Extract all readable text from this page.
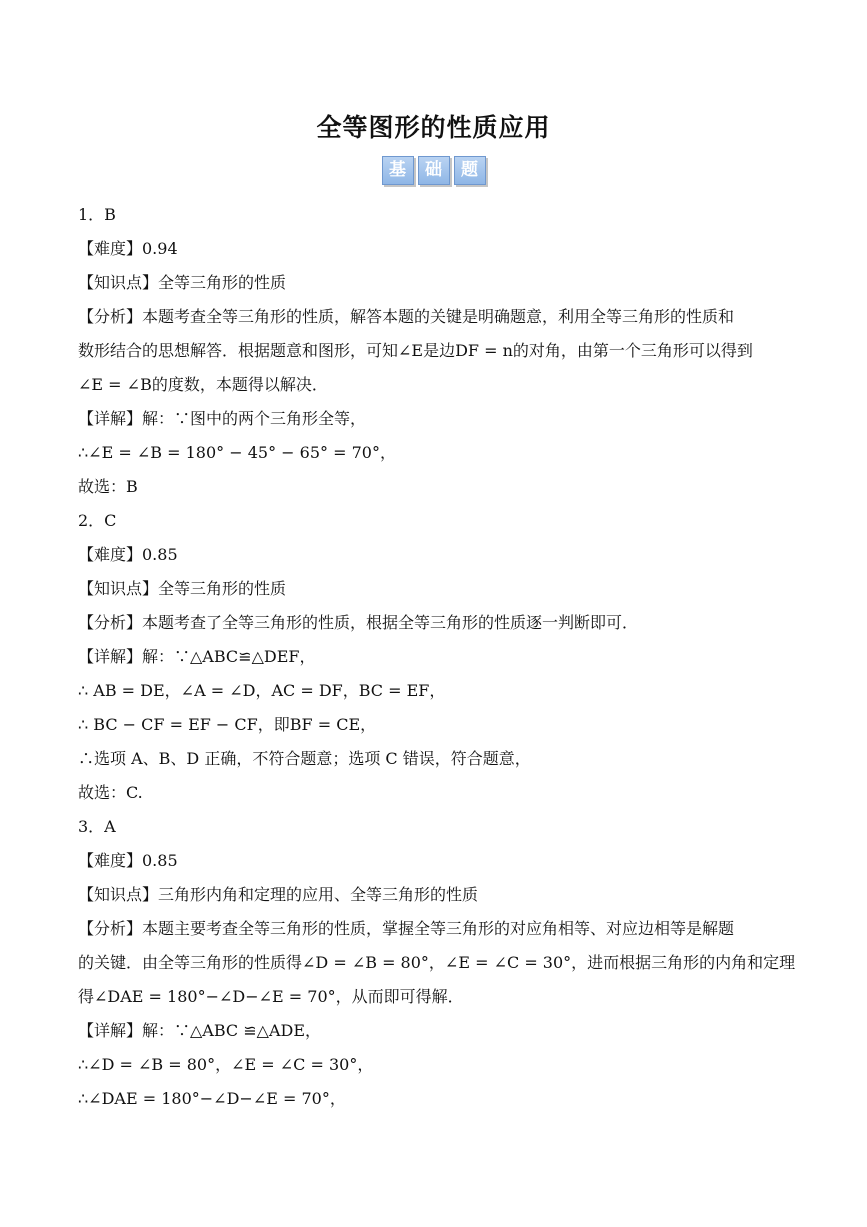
全等图形的性质应用
基	础	题
1．B
【难度】0.94
【知识点】全等三角形的性质
【分析】本题考查全等三角形的性质，解答本题的关键是明确题意，利用全等三角形的性质和
数形结合的思想解答．根据题意和图形，可知∠E是边DF = n的对角，由第一个三角形可以得到
∠E = ∠B的度数，本题得以解决．
【详解】解：∵图中的两个三角形全等，
∴∠E = ∠B = 180° − 45° − 65° = 70°，
故选：B
2．C
【难度】0.85
【知识点】全等三角形的性质
【分析】本题考查了全等三角形的性质，根据全等三角形的性质逐一判断即可．
【详解】解：∵△ABC≌△DEF，
∴ AB = DE，∠A = ∠D，AC = DF，BC = EF，
∴ BC − CF = EF − CF，即BF = CE，
∴选项 A、B、D 正确，不符合题意；选项 C 错误，符合题意，
故选：C.
3．A
【难度】0.85
【知识点】三角形内角和定理的应用、全等三角形的性质
【分析】本题主要考查全等三角形的性质，掌握全等三角形的对应角相等、对应边相等是解题
的关键．由全等三角形的性质得∠D = ∠B = 80°，∠E = ∠C = 30°，进而根据三角形的内角和定理
得∠DAE = 180°−∠D−∠E = 70°，从而即可得解．
【详解】解：∵△ABC ≌△ADE，
∴∠D = ∠B = 80°，∠E = ∠C = 30°，
∴∠DAE = 180°−∠D−∠E = 70°，
